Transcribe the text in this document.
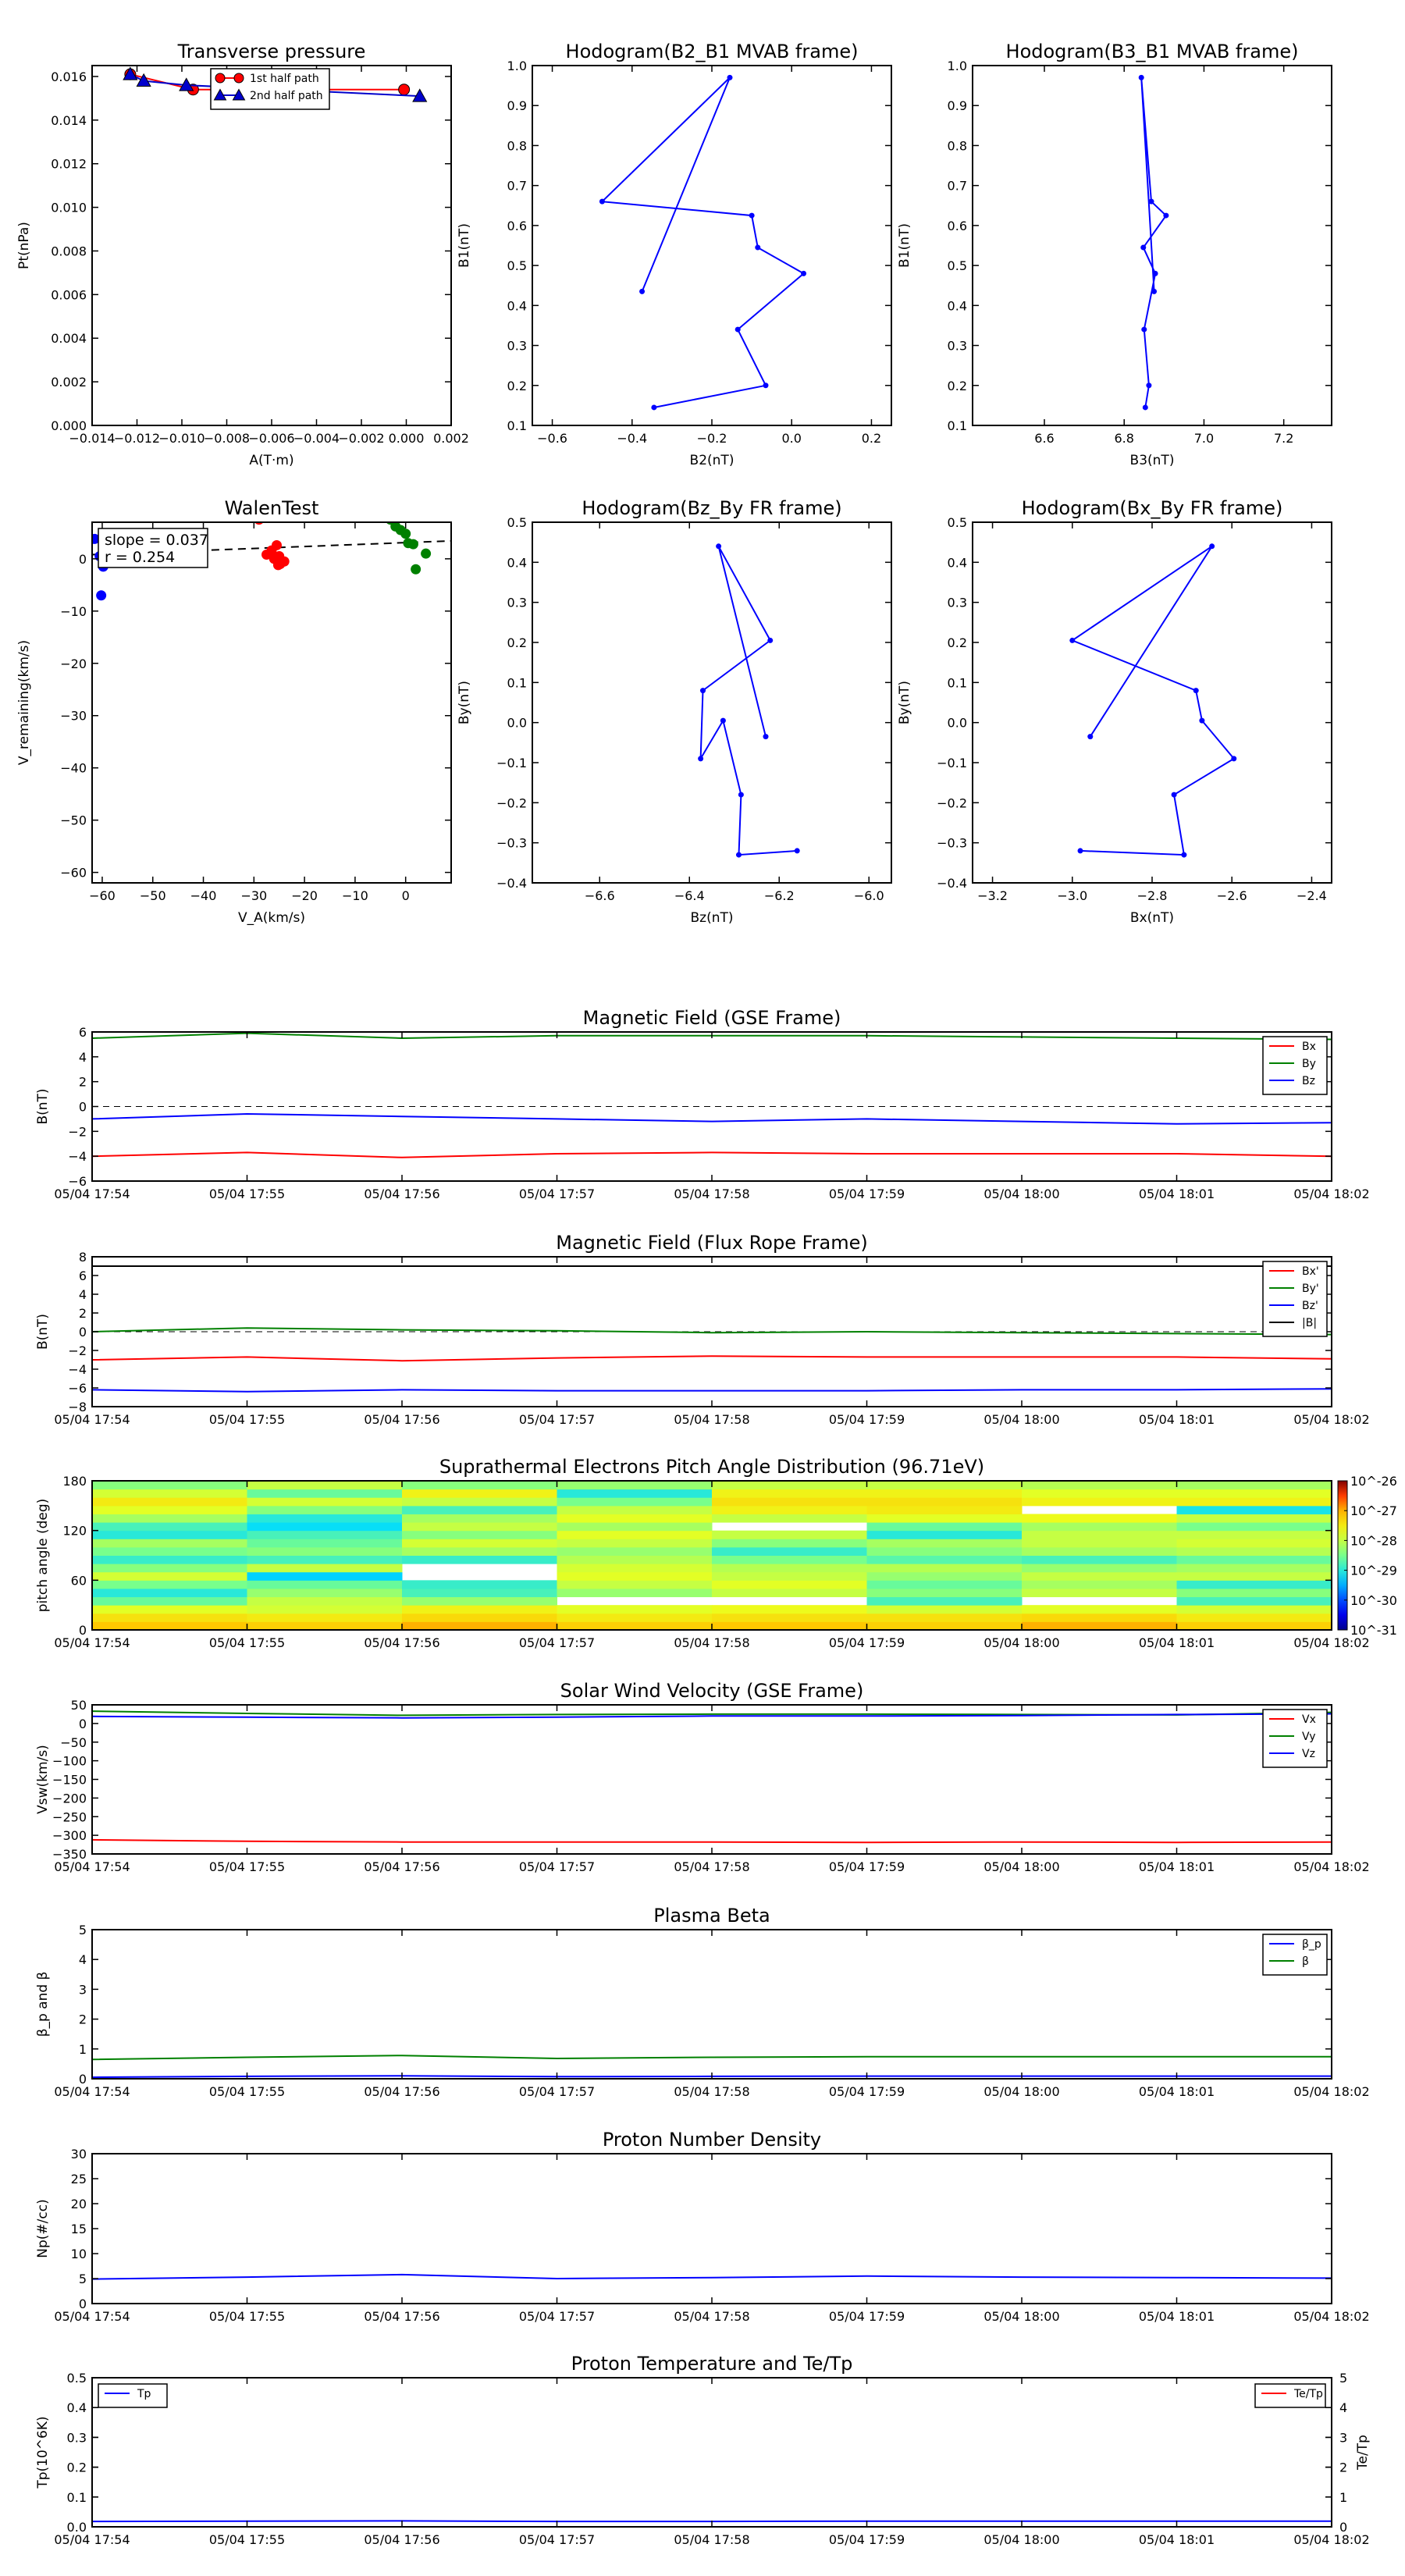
0.000
0.002
0.004
0.006
0.008
0.010
0.012
0.014
0.016
−0.014
−0.012
−0.010
−0.008
−0.006
−0.004
−0.002 0.000 0.002
Transverse pressure
A(T·m)
Pt(nPa)
1st half path
2nd half path
0.1
0.2
0.3
0.4
0.5
0.6
0.7
0.8
0.9
1.0
−0.6	−0.4	−0.2	0.0	0.2
Hodogram(B2_B1 MVAB frame)
B2(nT)
B1(nT)
0.1
0.2
0.3
0.4
0.5
0.6
0.7
0.8
0.9
1.0
6.6	6.8	7.0	7.2
Hodogram(B3_B1 MVAB frame)
B3(nT)
B1(nT)
−60
−50
−40
−30
−20
−10
0
−60 −50 −40 −30 −20 −10	0
WalenTest
V_A(km/s)
V_remaining(km/s)
slope = 0.037
r = 0.254
−0.4
−0.3
−0.2
−0.1
0.0
0.1
0.2
0.3
0.4
0.5
−6.6	−6.4	−6.2	−6.0
Hodogram(Bz_By FR frame)
Bz(nT)
By(nT)
−0.4
−0.3
−0.2
−0.1
0.0
0.1
0.2
0.3
0.4
0.5
−3.2	−3.0	−2.8	−2.6	−2.4
Hodogram(Bx_By FR frame)
Bx(nT)
By(nT)
−6
−4
−2
0
2
4
6
05/04 17:54	05/04 17:55	05/04 17:56	05/04 17:57	05/04 17:58	05/04 17:59	05/04 18:00	05/04 18:01	05/04 18:02
Magnetic Field (GSE Frame)
B(nT)
Bx
By
Bz
−8
−6
−4
−2
0
2
4
6
8
05/04 17:54	05/04 17:55	05/04 17:56	05/04 17:57	05/04 17:58	05/04 17:59	05/04 18:00	05/04 18:01	05/04 18:02
Magnetic Field (Flux Rope Frame)
B(nT)
Bx'
By'
Bz'
|B|
0
60
120
180
05/04 17:54	05/04 17:55	05/04 17:56	05/04 17:57	05/04 17:58	05/04 17:59	05/04 18:00	05/04 18:01	05/04 18:02
Suprathermal Electrons Pitch Angle Distribution (96.71eV)
pitch angle (deg)
10^-26
10^-27
10^-28
10^-29
10^-30
10^-31
−350
−300
−250
−200
−150
−100
−50
0
50
05/04 17:54	05/04 17:55	05/04 17:56	05/04 17:57	05/04 17:58	05/04 17:59	05/04 18:00	05/04 18:01	05/04 18:02
Solar Wind Velocity (GSE Frame)
Vsw(km/s)
Vx
Vy
Vz
0
1
2
3
4
5
05/04 17:54	05/04 17:55	05/04 17:56	05/04 17:57	05/04 17:58	05/04 17:59	05/04 18:00	05/04 18:01	05/04 18:02
Plasma Beta
β_p and β
β_p
β
0
5
10
15
20
25
30
05/04 17:54	05/04 17:55	05/04 17:56	05/04 17:57	05/04 17:58	05/04 17:59	05/04 18:00	05/04 18:01	05/04 18:02
Proton Number Density
Np(#/cc)
0.0
0.1
0.2
0.3
0.4
0.5
0
1
2
3
4
5
Te/Tp
05/04 17:54	05/04 17:55	05/04 17:56	05/04 17:57	05/04 17:58	05/04 17:59	05/04 18:00	05/04 18:01	05/04 18:02
Proton Temperature and Te/Tp
Tp(10^6K)
Tp	Te/Tp
